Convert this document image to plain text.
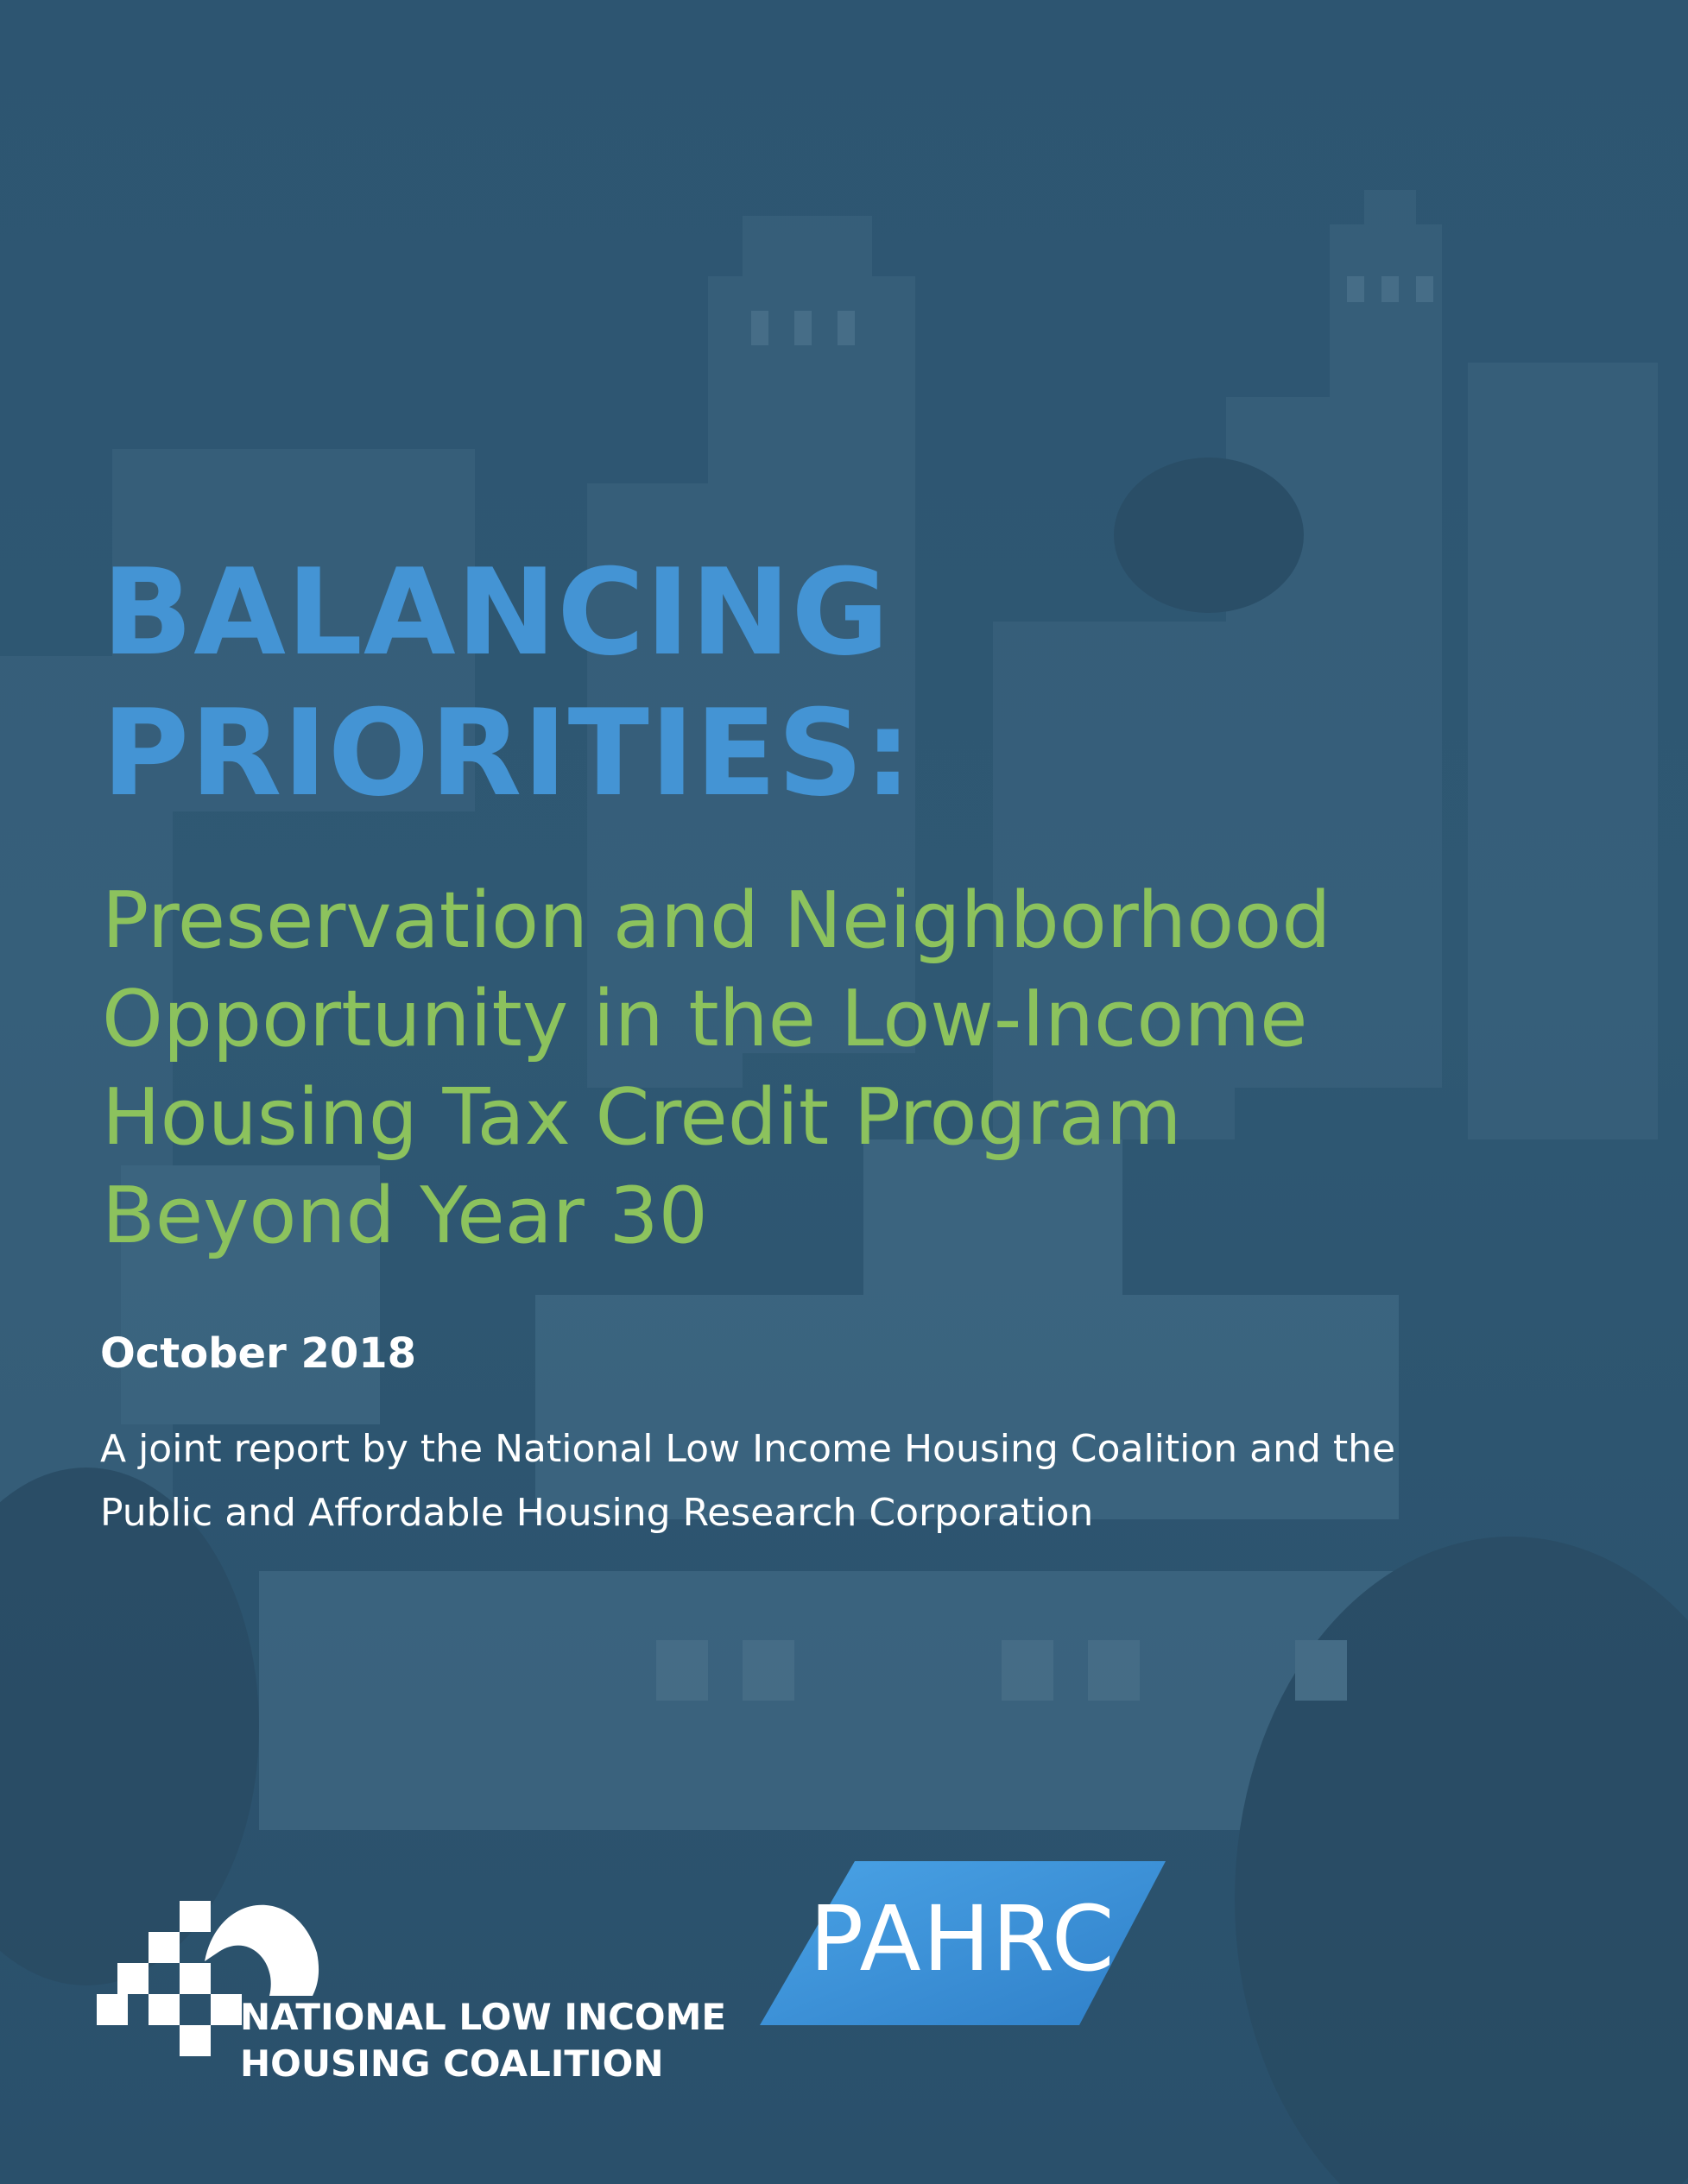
BALANCING
PRIORITIES:
Preservation and Neighborhood
Opportunity in the Low-Income
Housing Tax Credit Program
Beyond Year 30

October 2018

A joint report by the National Low Income Housing Coalition and the
Public and Affordable Housing Research Corporation

NATIONAL LOW INCOME
HOUSING COALITION

PAHRC
